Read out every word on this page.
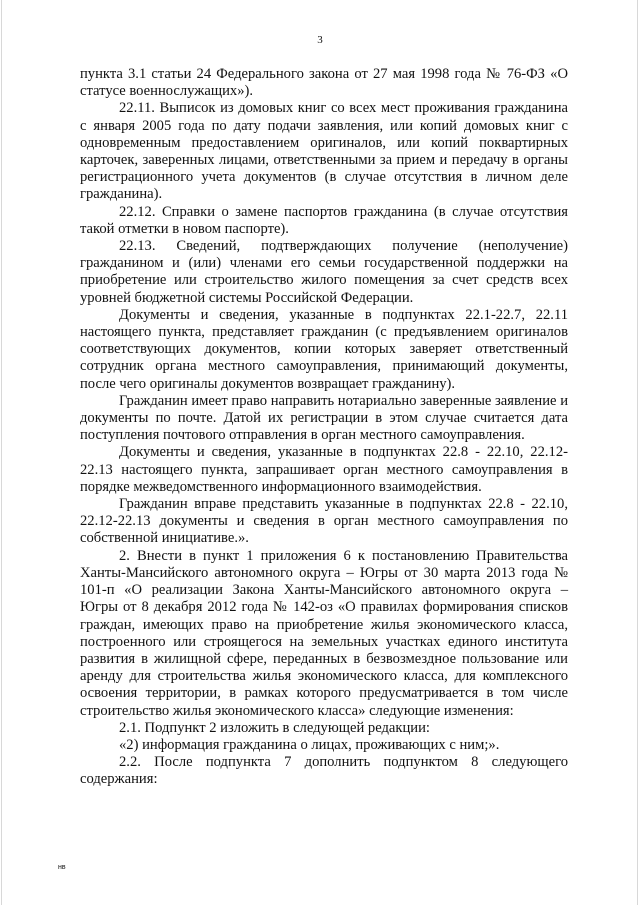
3

пункта 3.1 статьи 24 Федерального закона от 27 мая 1998 года № 76-ФЗ «О статусе военнослужащих»).

22.11. Выписок из домовых книг со всех мест проживания гражданина с января 2005 года по дату подачи заявления, или копий домовых книг с одновременным предоставлением оригиналов, или копий поквартирных карточек, заверенных лицами, ответственными за прием и передачу в органы регистрационного учета документов (в случае отсутствия в личном деле гражданина).

22.12. Справки о замене паспортов гражданина (в случае отсутствия такой отметки в новом паспорте).

22.13. Сведений, подтверждающих получение (неполучение) гражданином и (или) членами его семьи государственной поддержки на приобретение или строительство жилого помещения за счет средств всех уровней бюджетной системы Российской Федерации.

Документы и сведения, указанные в подпунктах 22.1-22.7, 22.11 настоящего пункта, представляет гражданин (с предъявлением оригиналов соответствующих документов, копии которых заверяет ответственный сотрудник органа местного самоуправления, принимающий документы, после чего оригиналы документов возвращает гражданину).

Гражданин имеет право направить нотариально заверенные заявление и документы по почте. Датой их регистрации в этом случае считается дата поступления почтового отправления в орган местного самоуправления.

Документы и сведения, указанные в подпунктах 22.8 - 22.10, 22.12-22.13 настоящего пункта, запрашивает орган местного самоуправления в порядке межведомственного информационного взаимодействия.

Гражданин вправе представить указанные в подпунктах 22.8 - 22.10, 22.12-22.13 документы и сведения в орган местного самоуправления по собственной инициативе.».

2. Внести в пункт 1 приложения 6 к постановлению Правительства Ханты-Мансийского автономного округа – Югры от 30 марта 2013 года № 101-п «О реализации Закона Ханты-Мансийского автономного округа – Югры от 8 декабря 2012 года № 142-оз «О правилах формирования списков граждан, имеющих право на приобретение жилья экономического класса, построенного или строящегося на земельных участках единого института развития в жилищной сфере, переданных в безвозмездное пользование или аренду для строительства жилья экономического класса, для комплексного освоения территории, в рамках которого предусматривается в том числе строительство жилья экономического класса» следующие изменения:

2.1. Подпункт 2 изложить в следующей редакции:

«2) информация гражданина о лицах, проживающих с ним;».

2.2. После подпункта 7 дополнить подпунктом 8 следующего содержания:

нв
